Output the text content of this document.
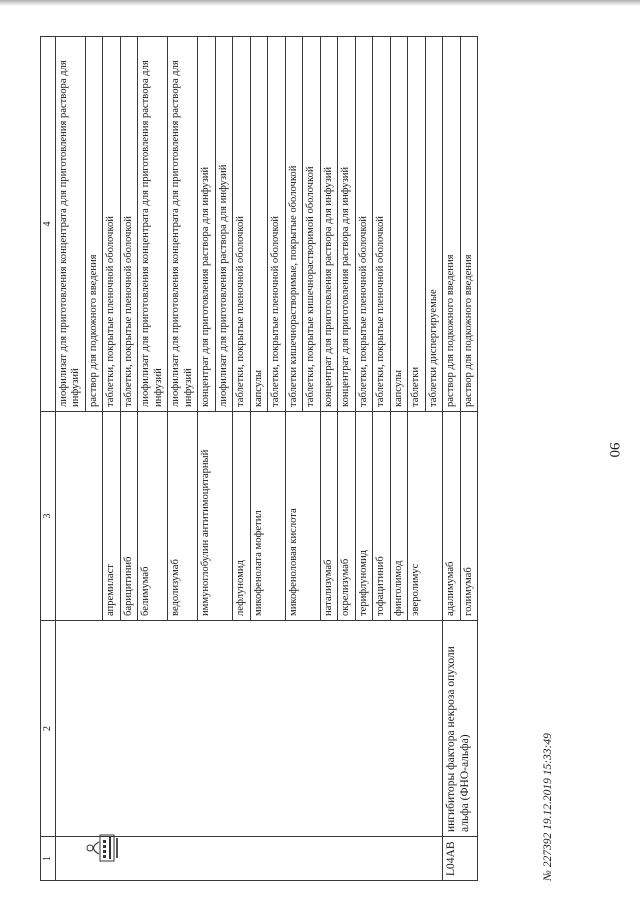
90
1	2	3	4
			лиофилизат для приготовления концентрата для приготовления раствора для инфузий
			раствор для подкожного введения
		апремиласт	таблетки, покрытые пленочной оболочкой
		барицитиниб	таблетки, покрытые пленочной оболочкой
		белимумаб	лиофилизат для приготовления концентрата для приготовления раствора для инфузий
		ведолизумаб	лиофилизат для приготовления концентрата для приготовления раствора для инфузий
		иммуноглобулин антитимоцитарный	концентрат для приготовления раствора для инфузий
			лиофилизат для приготовления раствора для инфузий
		лефлуномид	таблетки, покрытые пленочной оболочкой
		микофенолата мофетил	капсулы
			таблетки, покрытые пленочной оболочкой
		микофеноловая кислота	таблетки кишечнорастворимые, покрытые оболочкой
			таблетки, покрытые кишечнорастворимой оболочкой
		натализумаб	концентрат для приготовления раствора для инфузий
		окрелизумаб	концентрат для приготовления раствора для инфузий
		терифлуномид	таблетки, покрытые пленочной оболочкой
		тофацитиниб	таблетки, покрытые пленочной оболочкой
		финголимод	капсулы
		эверолимус	таблетки
			таблетки диспергируемые
L04AB	ингибиторы фактора некроза опухоли альфа (ФНО-альфа)	адалимумаб	раствор для подкожного введения
		голимумаб	раствор для подкожного введения
№ 227392 19.12.2019 15:33:49
